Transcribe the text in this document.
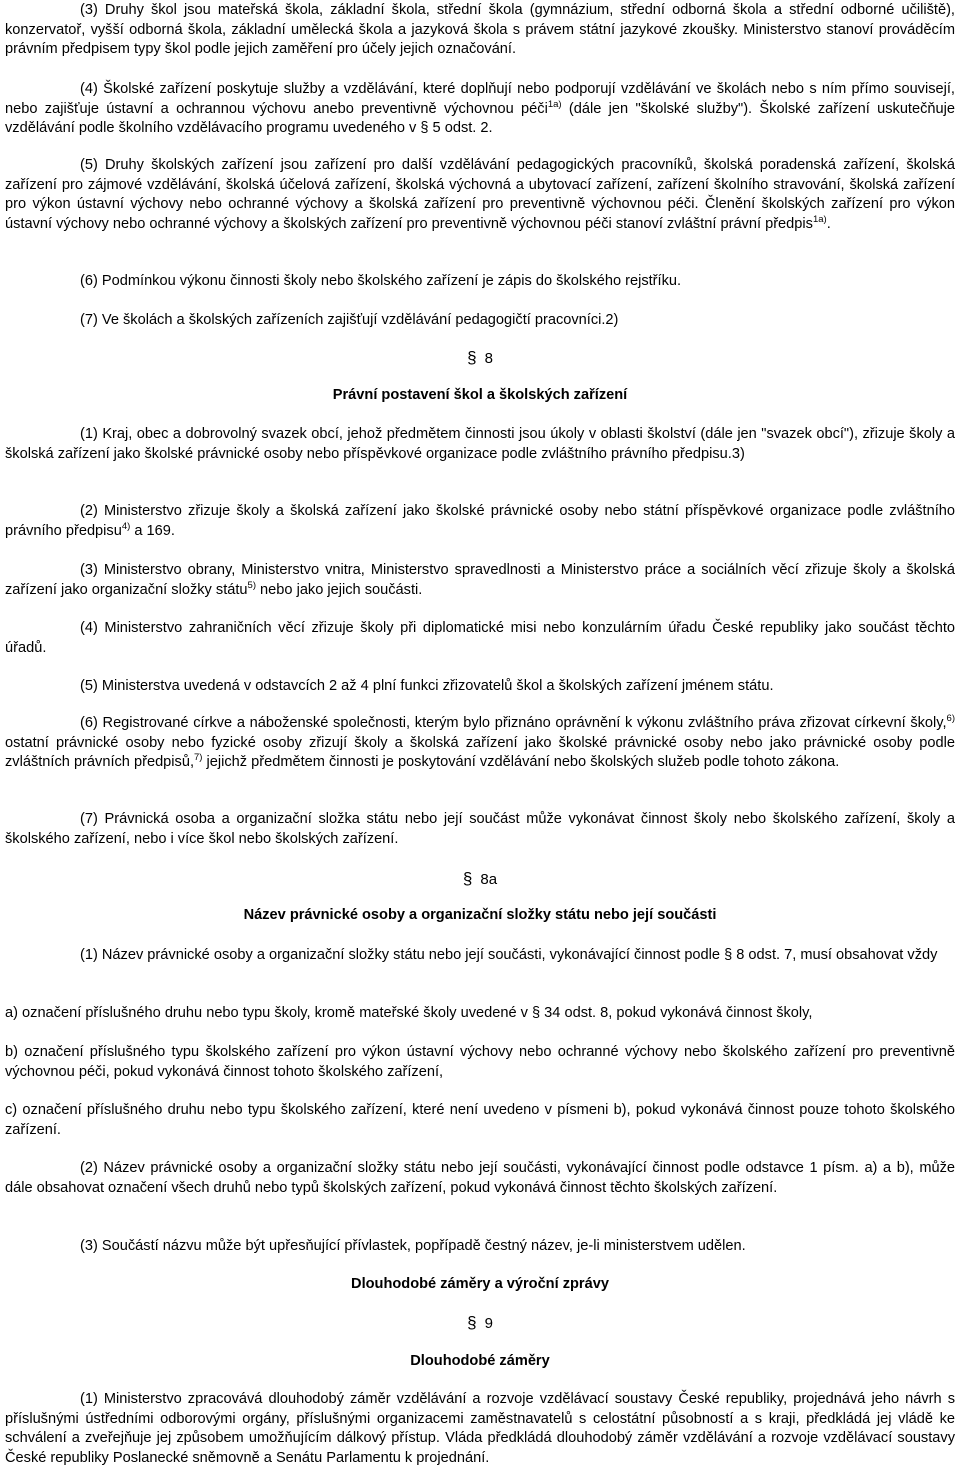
(3) Druhy škol jsou mateřská škola, základní škola, střední škola (gymnázium, střední odborná škola a střední odborné učiliště), konzervatoř, vyšší odborná škola, základní umělecká škola a jazyková škola s právem státní jazykové zkoušky. Ministerstvo stanoví prováděcím právním předpisem typy škol podle jejich zaměření pro účely jejich označování.

(4) Školské zařízení poskytuje služby a vzdělávání, které doplňují nebo podporují vzdělávání ve školách nebo s ním přímo souvisejí, nebo zajišťuje ústavní a ochrannou výchovu anebo preventivně výchovnou péči$^{1a)}$ (dále jen "školské služby"). Školské zařízení uskutečňuje vzdělávání podle školního vzdělávacího programu uvedeného v § 5 odst. 2.

(5) Druhy školských zařízení jsou zařízení pro další vzdělávání pedagogických pracovníků, školská poradenská zařízení, školská zařízení pro zájmové vzdělávání, školská účelová zařízení, školská výchovná a ubytovací zařízení, zařízení školního stravování, školská zařízení pro výkon ústavní výchovy nebo ochranné výchovy a školská zařízení pro preventivně výchovnou péči. Členění školských zařízení pro výkon ústavní výchovy nebo ochranné výchovy a školských zařízení pro preventivně výchovnou péči stanoví zvláštní právní předpis$^{1a)}$.

(6) Podmínkou výkonu činnosti školy nebo školského zařízení je zápis do školského rejstříku.

(7) Ve školách a školských zařízeních zajišťují vzdělávání pedagogičtí pracovníci.2)

§ 8

Právní postavení škol a školských zařízení

(1) Kraj, obec a dobrovolný svazek obcí, jehož předmětem činnosti jsou úkoly v oblasti školství (dále jen "svazek obcí"), zřizuje školy a školská zařízení jako školské právnické osoby nebo příspěvkové organizace podle zvláštního právního předpisu.3)

(2) Ministerstvo zřizuje školy a školská zařízení jako školské právnické osoby nebo státní příspěvkové organizace podle zvláštního právního předpisu$^{4)}$ a 169.

(3) Ministerstvo obrany, Ministerstvo vnitra, Ministerstvo spravedlnosti a Ministerstvo práce a sociálních věcí zřizuje školy a školská zařízení jako organizační složky státu$^{5)}$ nebo jako jejich součásti.

(4) Ministerstvo zahraničních věcí zřizuje školy při diplomatické misi nebo konzulárním úřadu České republiky jako součást těchto úřadů.

(5) Ministerstva uvedená v odstavcích 2 až 4 plní funkci zřizovatelů škol a školských zařízení jménem státu.

(6) Registrované církve a náboženské společnosti, kterým bylo přiznáno oprávnění k výkonu zvláštního práva zřizovat církevní školy,$^{6)}$ ostatní právnické osoby nebo fyzické osoby zřizují školy a školská zařízení jako školské právnické osoby nebo jako právnické osoby podle zvláštních právních předpisů,$^{7)}$ jejichž předmětem činnosti je poskytování vzdělávání nebo školských služeb podle tohoto zákona.

(7) Právnická osoba a organizační složka státu nebo její součást může vykonávat činnost školy nebo školského zařízení, školy a školského zařízení, nebo i více škol nebo školských zařízení.

§ 8a

Název právnické osoby a organizační složky státu nebo její součásti

(1) Název právnické osoby a organizační složky státu nebo její součásti, vykonávající činnost podle § 8 odst. 7, musí obsahovat vždy

a) označení příslušného druhu nebo typu školy, kromě mateřské školy uvedené v § 34 odst. 8, pokud vykonává činnost školy,

b) označení příslušného typu školského zařízení pro výkon ústavní výchovy nebo ochranné výchovy nebo školského zařízení pro preventivně výchovnou péči, pokud vykonává činnost tohoto školského zařízení,

c) označení příslušného druhu nebo typu školského zařízení, které není uvedeno v písmeni b), pokud vykonává činnost pouze tohoto školského zařízení.

(2) Název právnické osoby a organizační složky státu nebo její součásti, vykonávající činnost podle odstavce 1 písm. a) a b), může dále obsahovat označení všech druhů nebo typů školských zařízení, pokud vykonává činnost těchto školských zařízení.

(3) Součástí názvu může být upřesňující přívlastek, popřípadě čestný název, je-li ministerstvem udělen.

Dlouhodobé záměry a výroční zprávy

§ 9

Dlouhodobé záměry

(1) Ministerstvo zpracovává dlouhodobý záměr vzdělávání a rozvoje vzdělávací soustavy České republiky, projednává jeho návrh s příslušnými ústředními odborovými orgány, příslušnými organizacemi zaměstnavatelů s celostátní působností a s kraji, předkládá jej vládě ke schválení a zveřejňuje jej způsobem umožňujícím dálkový přístup. Vláda předkládá dlouhodobý záměr vzdělávání a rozvoje vzdělávací soustavy České republiky Poslanecké sněmovně a Senátu Parlamentu k projednání.
